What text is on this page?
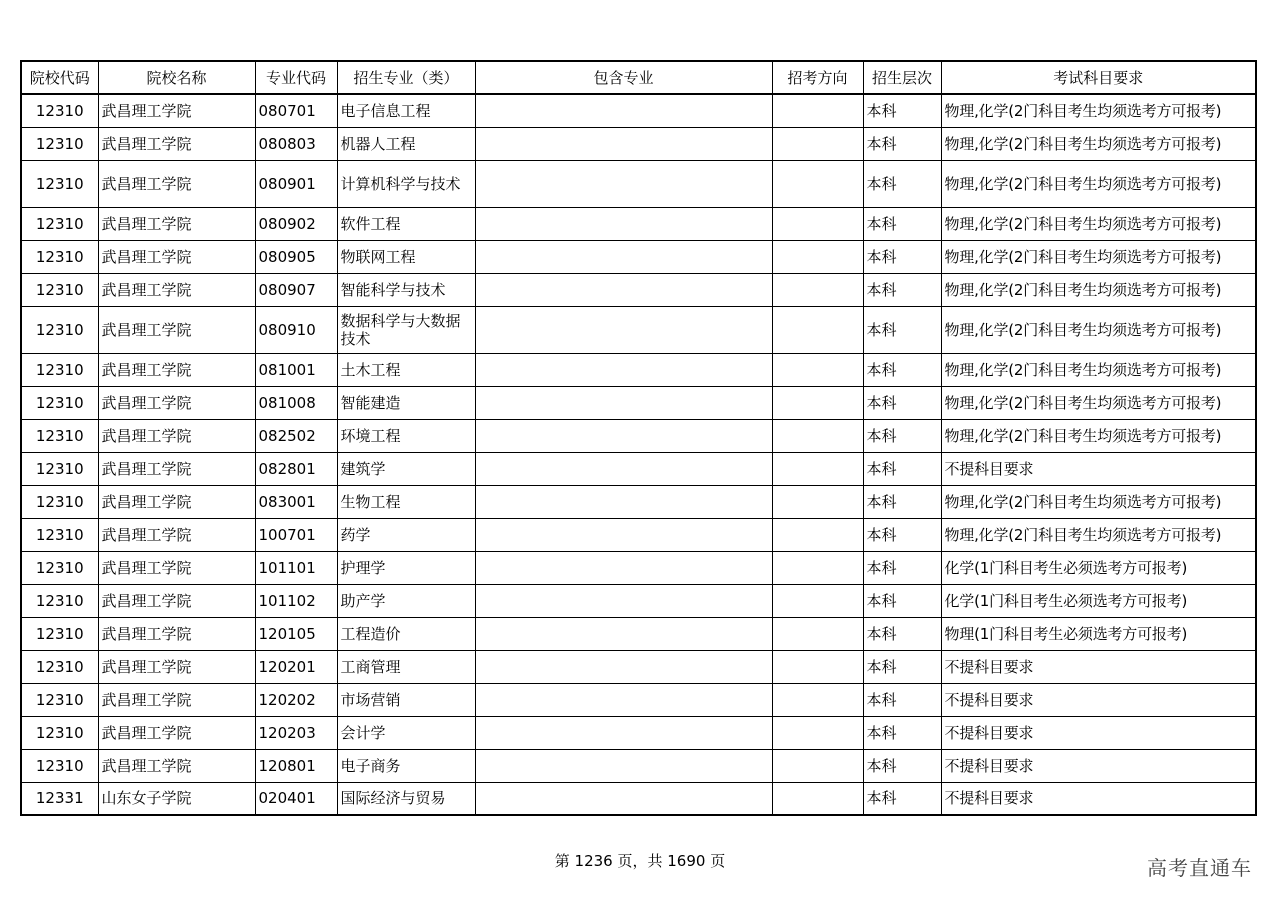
院校代码	院校名称	专业代码	招生专业（类）	包含专业	招考方向	招生层次	考试科目要求
12310	武昌理工学院	080701	电子信息工程			本科	物理,化学(2门科目考生均须选考方可报考)
12310	武昌理工学院	080803	机器人工程			本科	物理,化学(2门科目考生均须选考方可报考)
12310	武昌理工学院	080901	计算机科学与技术			本科	物理,化学(2门科目考生均须选考方可报考)
12310	武昌理工学院	080902	软件工程			本科	物理,化学(2门科目考生均须选考方可报考)
12310	武昌理工学院	080905	物联网工程			本科	物理,化学(2门科目考生均须选考方可报考)
12310	武昌理工学院	080907	智能科学与技术			本科	物理,化学(2门科目考生均须选考方可报考)
12310	武昌理工学院	080910	数据科学与大数据技术			本科	物理,化学(2门科目考生均须选考方可报考)
12310	武昌理工学院	081001	土木工程			本科	物理,化学(2门科目考生均须选考方可报考)
12310	武昌理工学院	081008	智能建造			本科	物理,化学(2门科目考生均须选考方可报考)
12310	武昌理工学院	082502	环境工程			本科	物理,化学(2门科目考生均须选考方可报考)
12310	武昌理工学院	082801	建筑学			本科	不提科目要求
12310	武昌理工学院	083001	生物工程			本科	物理,化学(2门科目考生均须选考方可报考)
12310	武昌理工学院	100701	药学			本科	物理,化学(2门科目考生均须选考方可报考)
12310	武昌理工学院	101101	护理学			本科	化学(1门科目考生必须选考方可报考)
12310	武昌理工学院	101102	助产学			本科	化学(1门科目考生必须选考方可报考)
12310	武昌理工学院	120105	工程造价			本科	物理(1门科目考生必须选考方可报考)
12310	武昌理工学院	120201	工商管理			本科	不提科目要求
12310	武昌理工学院	120202	市场营销			本科	不提科目要求
12310	武昌理工学院	120203	会计学			本科	不提科目要求
12310	武昌理工学院	120801	电子商务			本科	不提科目要求
12331	山东女子学院	020401	国际经济与贸易			本科	不提科目要求
第 1236 页，共 1690 页	高考直通车
